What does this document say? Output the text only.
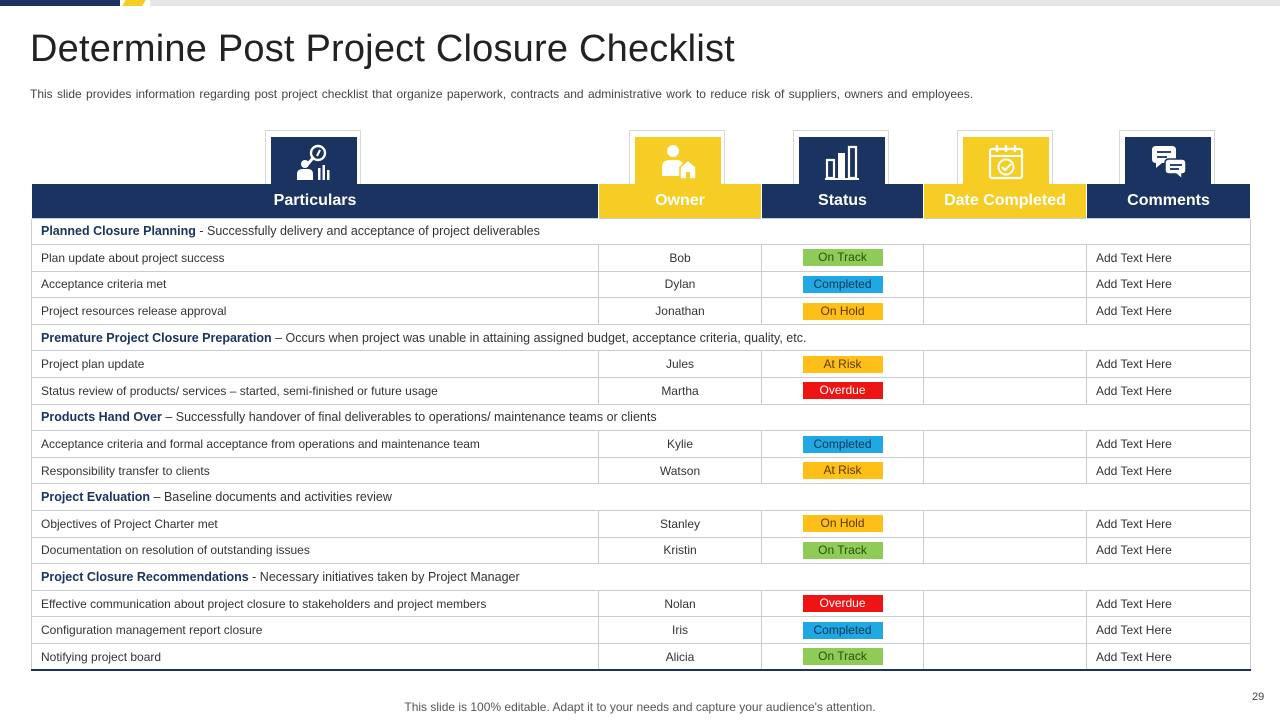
Determine Post Project Closure Checklist

This slide provides information regarding post project checklist that organize paperwork, contracts and administrative work to reduce risk of suppliers, owners and employees.

Particulars	Owner	Status	Date Completed	Comments
Planned Closure Planning - Successfully delivery and acceptance of project deliverables				
Plan update about project success	Bob	On Track		Add Text Here
Acceptance criteria met	Dylan	Completed		Add Text Here
Project resources release approval	Jonathan	On Hold		Add Text Here
Premature Project Closure Preparation – Occurs when project was unable in attaining assigned budget, acceptance criteria, quality, etc.				
Project plan update	Jules	At Risk		Add Text Here
Status review of products/ services – started, semi-finished or future usage	Martha	Overdue		Add Text Here
Products Hand Over – Successfully handover of final deliverables to operations/ maintenance teams or clients				
Acceptance criteria and formal acceptance from operations and maintenance team	Kylie	Completed		Add Text Here
Responsibility transfer to clients	Watson	At Risk		Add Text Here
Project Evaluation – Baseline documents and activities review				
Objectives of Project Charter met	Stanley	On Hold		Add Text Here
Documentation on resolution of outstanding issues	Kristin	On Track		Add Text Here
Project Closure Recommendations - Necessary initiatives taken by Project Manager				
Effective communication about project closure to stakeholders and project members	Nolan	Overdue		Add Text Here
Configuration management report closure	Iris	Completed		Add Text Here
Notifying project board	Alicia	On Track		Add Text Here
This slide is 100% editable. Adapt it to your needs and capture your audience's attention.
29
